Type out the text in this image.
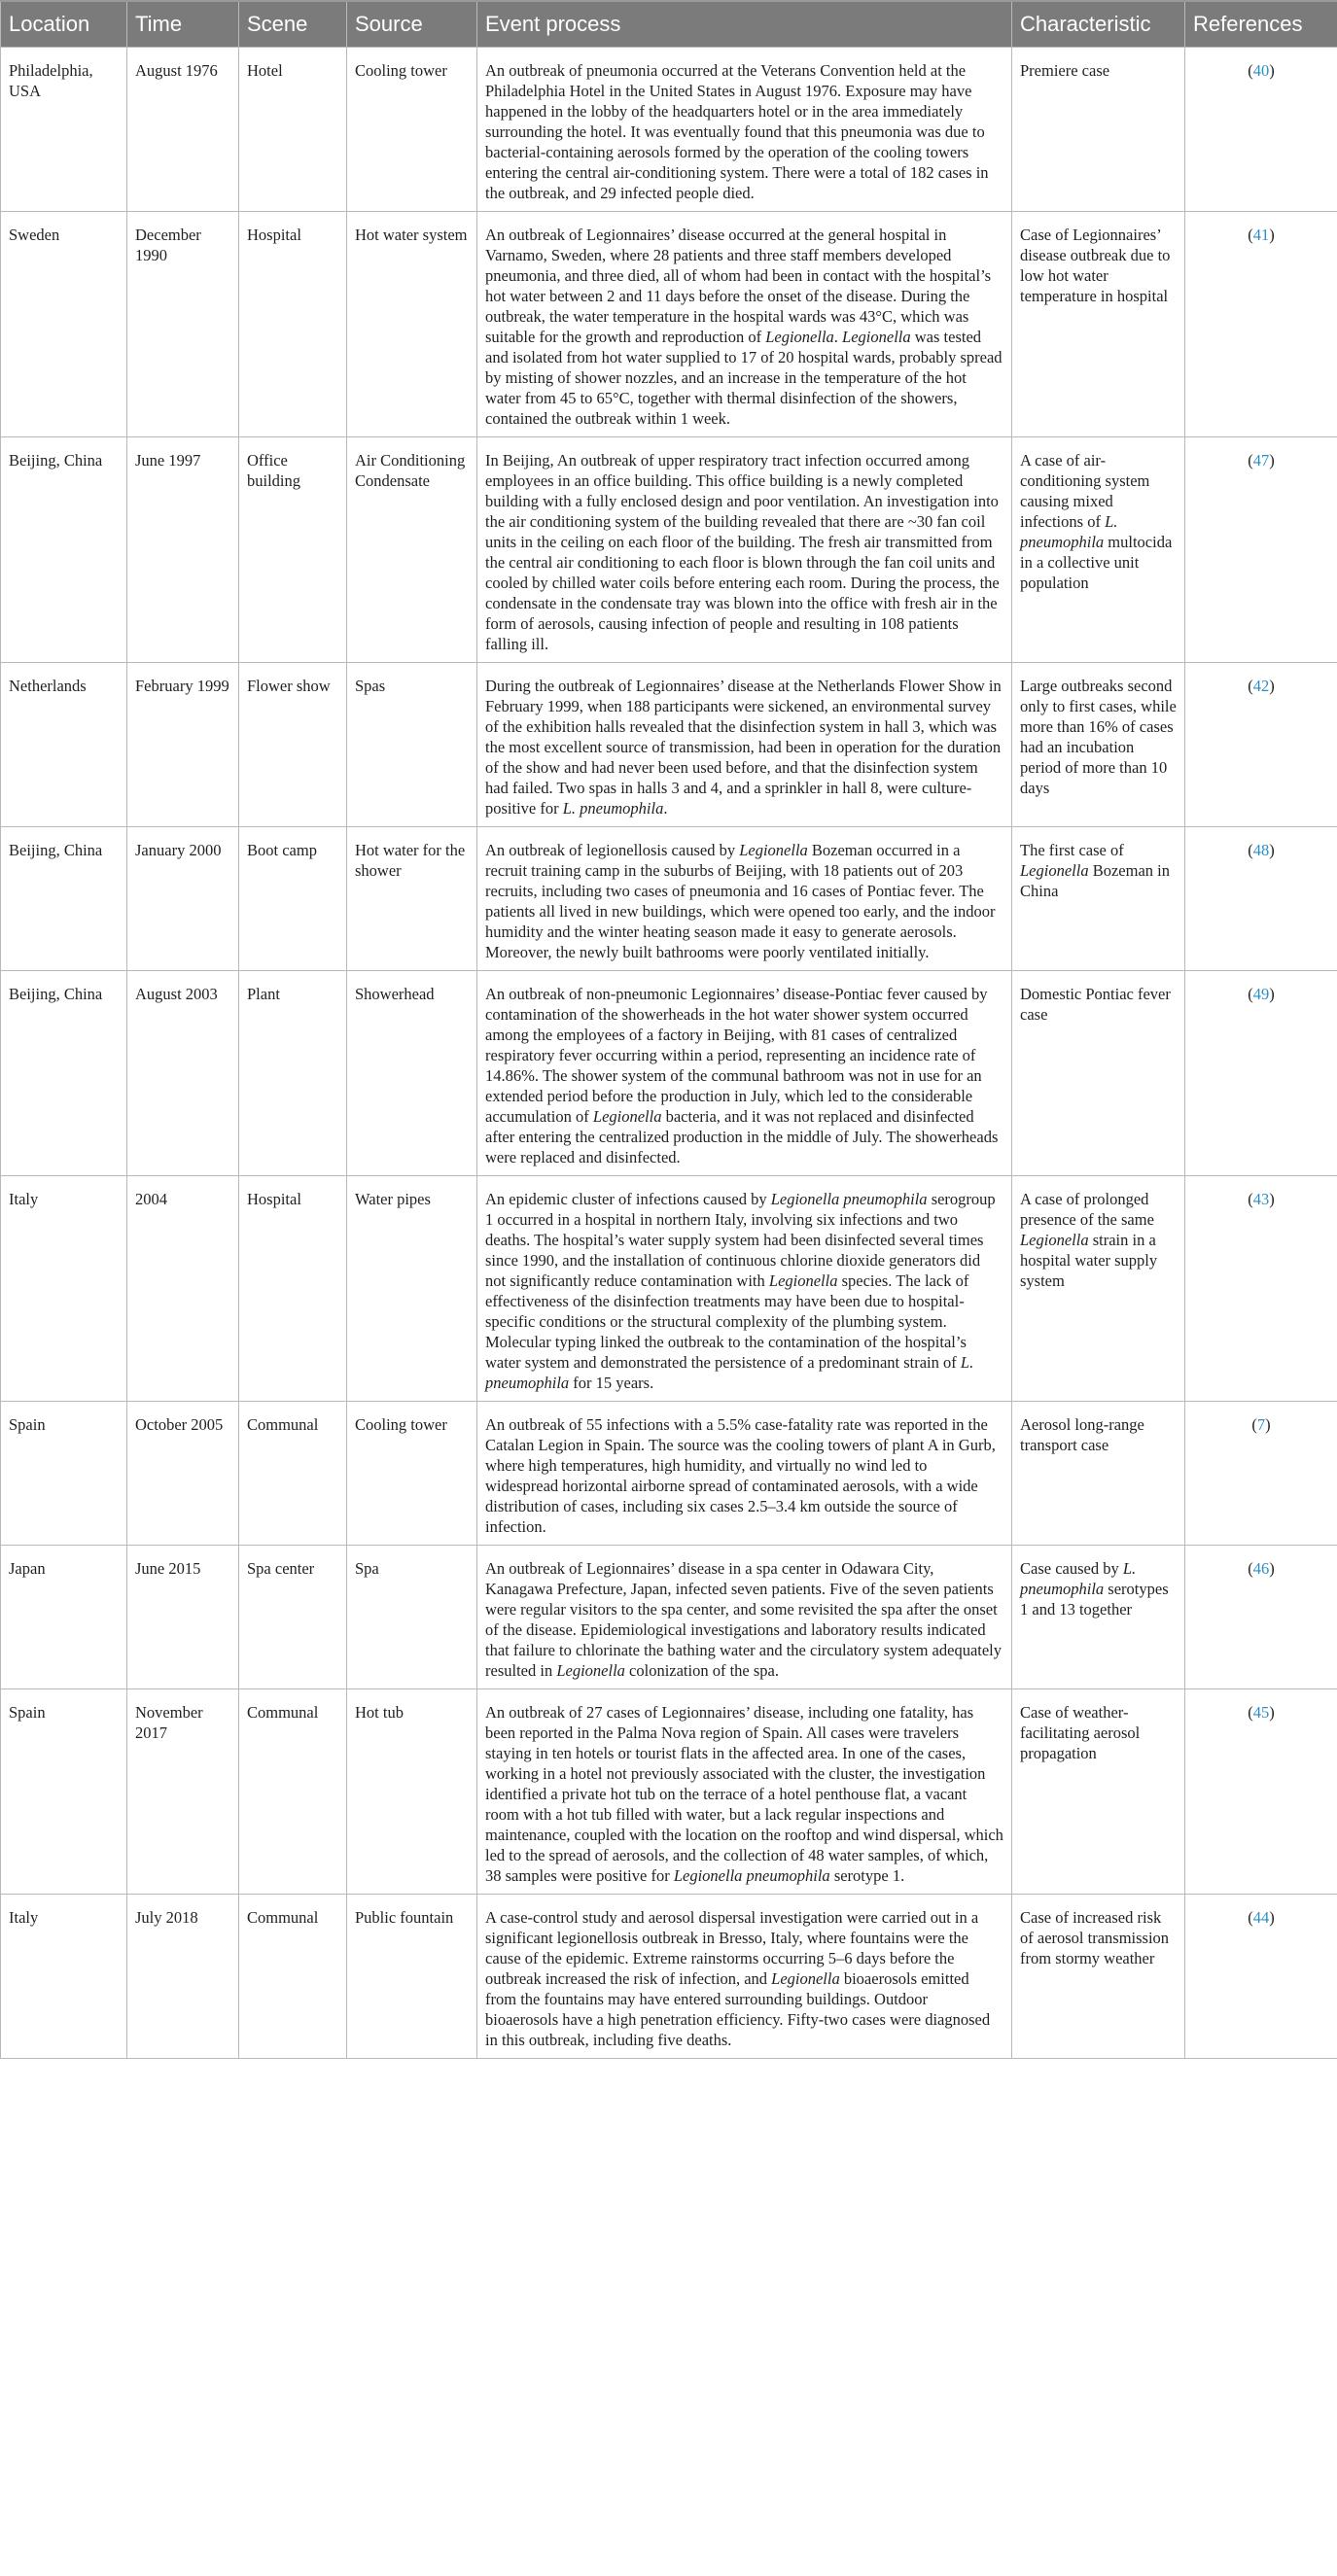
Location	Time	Scene	Source	Event process	Characteristic	References
Philadelphia, USA	August 1976	Hotel	Cooling tower	An outbreak of pneumonia occurred at the Veterans Convention held at the Philadelphia Hotel in the United States in August 1976. Exposure may have happened in the lobby of the headquarters hotel or in the area immediately surrounding the hotel. It was eventually found that this pneumonia was due to bacterial-containing aerosols formed by the operation of the cooling towers entering the central air-conditioning system. There were a total of 182 cases in the outbreak, and 29 infected people died.	Premiere case	(40)
Sweden	December 1990	Hospital	Hot water system	An outbreak of Legionnaires’ disease occurred at the general hospital in Varnamo, Sweden, where 28 patients and three staff members developed pneumonia, and three died, all of whom had been in contact with the hospital’s hot water between 2 and 11 days before the onset of the disease. During the outbreak, the water temperature in the hospital wards was 43°C, which was suitable for the growth and reproduction of Legionella. Legionella was tested and isolated from hot water supplied to 17 of 20 hospital wards, probably spread by misting of shower nozzles, and an increase in the temperature of the hot water from 45 to 65°C, together with thermal disinfection of the showers, contained the outbreak within 1 week.	Case of Legionnaires’ disease outbreak due to low hot water temperature in hospital	(41)
Beijing, China	June 1997	Office building	Air Conditioning Condensate	In Beijing, An outbreak of upper respiratory tract infection occurred among employees in an office building. This office building is a newly completed building with a fully enclosed design and poor ventilation. An investigation into the air conditioning system of the building revealed that there are ~30 fan coil units in the ceiling on each floor of the building. The fresh air transmitted from the central air conditioning to each floor is blown through the fan coil units and cooled by chilled water coils before entering each room. During the process, the condensate in the condensate tray was blown into the office with fresh air in the form of aerosols, causing infection of people and resulting in 108 patients falling ill.	A case of air-conditioning system causing mixed infections of L. pneumophila multocida in a collective unit population	(47)
Netherlands	February 1999	Flower show	Spas	During the outbreak of Legionnaires’ disease at the Netherlands Flower Show in February 1999, when 188 participants were sickened, an environmental survey of the exhibition halls revealed that the disinfection system in hall 3, which was the most excellent source of transmission, had been in operation for the duration of the show and had never been used before, and that the disinfection system had failed. Two spas in halls 3 and 4, and a sprinkler in hall 8, were culture-positive for L. pneumophila.	Large outbreaks second only to first cases, while more than 16% of cases had an incubation period of more than 10 days	(42)
Beijing, China	January 2000	Boot camp	Hot water for the shower	An outbreak of legionellosis caused by Legionella Bozeman occurred in a recruit training camp in the suburbs of Beijing, with 18 patients out of 203 recruits, including two cases of pneumonia and 16 cases of Pontiac fever. The patients all lived in new buildings, which were opened too early, and the indoor humidity and the winter heating season made it easy to generate aerosols. Moreover, the newly built bathrooms were poorly ventilated initially.	The first case of Legionella Bozeman in China	(48)
Beijing, China	August 2003	Plant	Showerhead	An outbreak of non-pneumonic Legionnaires’ disease-Pontiac fever caused by contamination of the showerheads in the hot water shower system occurred among the employees of a factory in Beijing, with 81 cases of centralized respiratory fever occurring within a period, representing an incidence rate of 14.86%. The shower system of the communal bathroom was not in use for an extended period before the production in July, which led to the considerable accumulation of Legionella bacteria, and it was not replaced and disinfected after entering the centralized production in the middle of July. The showerheads were replaced and disinfected.	Domestic Pontiac fever case	(49)
Italy	2004	Hospital	Water pipes	An epidemic cluster of infections caused by Legionella pneumophila serogroup 1 occurred in a hospital in northern Italy, involving six infections and two deaths. The hospital’s water supply system had been disinfected several times since 1990, and the installation of continuous chlorine dioxide generators did not significantly reduce contamination with Legionella species. The lack of effectiveness of the disinfection treatments may have been due to hospital-specific conditions or the structural complexity of the plumbing system. Molecular typing linked the outbreak to the contamination of the hospital’s water system and demonstrated the persistence of a predominant strain of L. pneumophila for 15 years.	A case of prolonged presence of the same Legionella strain in a hospital water supply system	(43)
Spain	October 2005	Communal	Cooling tower	An outbreak of 55 infections with a 5.5% case-fatality rate was reported in the Catalan Legion in Spain. The source was the cooling towers of plant A in Gurb, where high temperatures, high humidity, and virtually no wind led to widespread horizontal airborne spread of contaminated aerosols, with a wide distribution of cases, including six cases 2.5–3.4 km outside the source of infection.	Aerosol long-range transport case	(7)
Japan	June 2015	Spa center	Spa	An outbreak of Legionnaires’ disease in a spa center in Odawara City, Kanagawa Prefecture, Japan, infected seven patients. Five of the seven patients were regular visitors to the spa center, and some revisited the spa after the onset of the disease. Epidemiological investigations and laboratory results indicated that failure to chlorinate the bathing water and the circulatory system adequately resulted in Legionella colonization of the spa.	Case caused by L. pneumophila serotypes 1 and 13 together	(46)
Spain	November 2017	Communal	Hot tub	An outbreak of 27 cases of Legionnaires’ disease, including one fatality, has been reported in the Palma Nova region of Spain. All cases were travelers staying in ten hotels or tourist flats in the affected area. In one of the cases, working in a hotel not previously associated with the cluster, the investigation identified a private hot tub on the terrace of a hotel penthouse flat, a vacant room with a hot tub filled with water, but a lack regular inspections and maintenance, coupled with the location on the rooftop and wind dispersal, which led to the spread of aerosols, and the collection of 48 water samples, of which, 38 samples were positive for Legionella pneumophila serotype 1.	Case of weather-facilitating aerosol propagation	(45)
Italy	July 2018	Communal	Public fountain	A case-control study and aerosol dispersal investigation were carried out in a significant legionellosis outbreak in Bresso, Italy, where fountains were the cause of the epidemic. Extreme rainstorms occurring 5–6 days before the outbreak increased the risk of infection, and Legionella bioaerosols emitted from the fountains may have entered surrounding buildings. Outdoor bioaerosols have a high penetration efficiency. Fifty-two cases were diagnosed in this outbreak, including five deaths.	Case of increased risk of aerosol transmission from stormy weather	(44)
